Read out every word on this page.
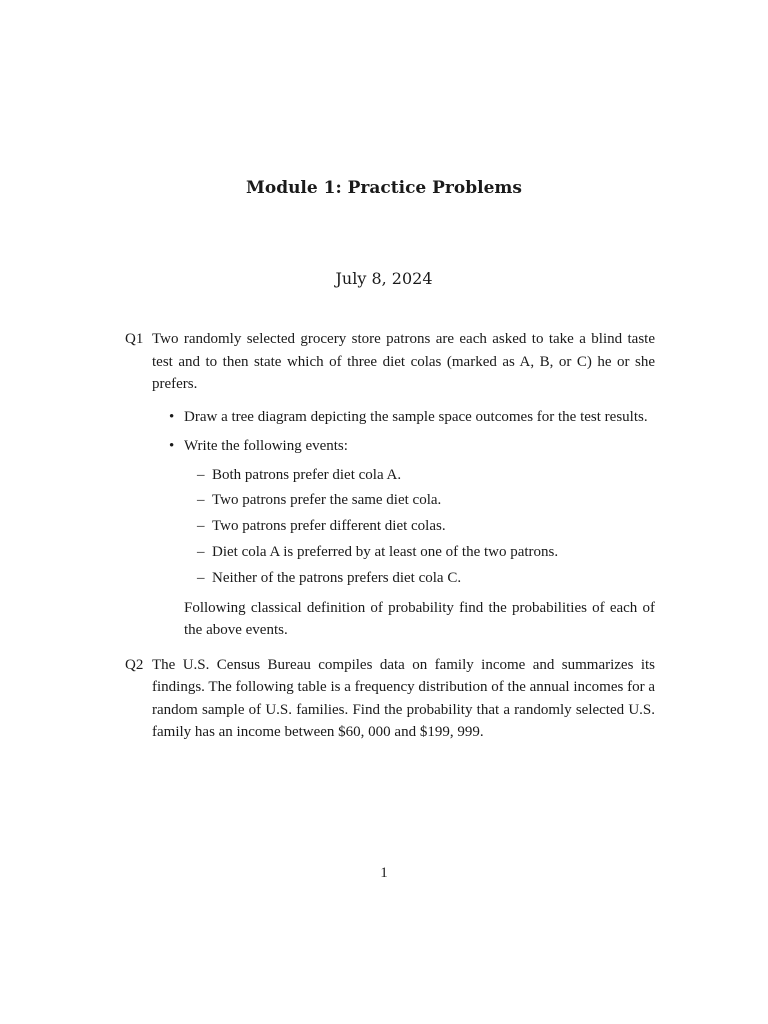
Module 1: Practice Problems
July 8, 2024
Q1 Two randomly selected grocery store patrons are each asked to take a blind taste test and to then state which of three diet colas (marked as A, B, or C) he or she prefers.
• Draw a tree diagram depicting the sample space outcomes for the test results.
• Write the following events:
– Both patrons prefer diet cola A.
– Two patrons prefer the same diet cola.
– Two patrons prefer different diet colas.
– Diet cola A is preferred by at least one of the two patrons.
– Neither of the patrons prefers diet cola C.
Following classical definition of probability find the probabilities of each of the above events.
Q2 The U.S. Census Bureau compiles data on family income and summarizes its findings. The following table is a frequency distribution of the annual incomes for a random sample of U.S. families. Find the probability that a randomly selected U.S. family has an income between $60, 000 and $199, 999.
1
